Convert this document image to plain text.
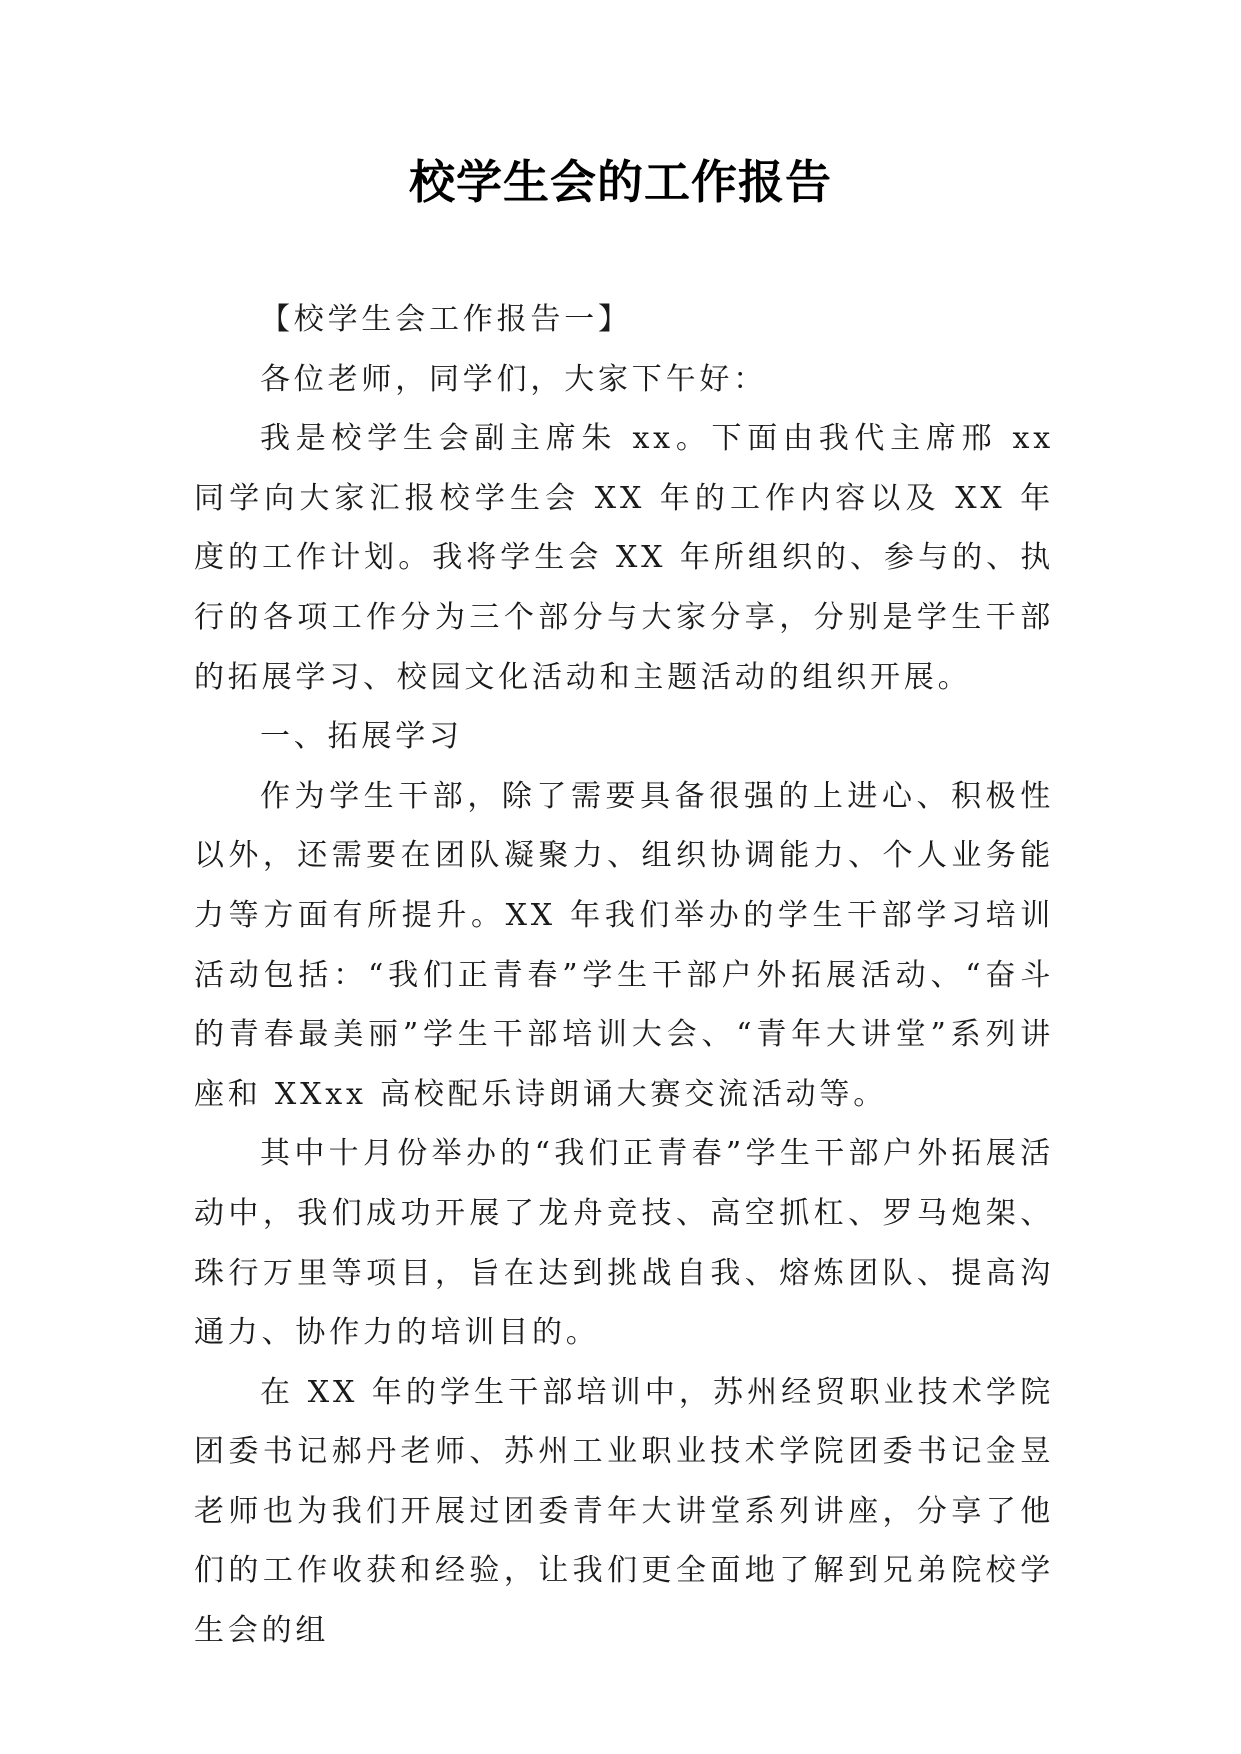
校学生会的工作报告

【校学生会工作报告一】

各位老师，同学们，大家下午好：

我是校学生会副主席朱 xx。下面由我代主席邢 xx 同学向大家汇报校学生会 XX 年的工作内容以及 XX 年度的工作计划。我将学生会 XX 年所组织的、参与的、执行的各项工作分为三个部分与大家分享，分别是学生干部的拓展学习、校园文化活动和主题活动的组织开展。

一、拓展学习

作为学生干部，除了需要具备很强的上进心、积极性以外，还需要在团队凝聚力、组织协调能力、个人业务能力等方面有所提升。XX 年我们举办的学生干部学习培训活动包括：“我们正青春”学生干部户外拓展活动、“奋斗的青春最美丽”学生干部培训大会、“青年大讲堂”系列讲座和 XXxx 高校配乐诗朗诵大赛交流活动等。

其中十月份举办的“我们正青春”学生干部户外拓展活动中，我们成功开展了龙舟竞技、高空抓杠、罗马炮架、珠行万里等项目，旨在达到挑战自我、熔炼团队、提高沟通力、协作力的培训目的。

在 XX 年的学生干部培训中，苏州经贸职业技术学院团委书记郝丹老师、苏州工业职业技术学院团委书记金昱老师也为我们开展过团委青年大讲堂系列讲座，分享了他们的工作收获和经验，让我们更全面地了解到兄弟院校学生会的组
